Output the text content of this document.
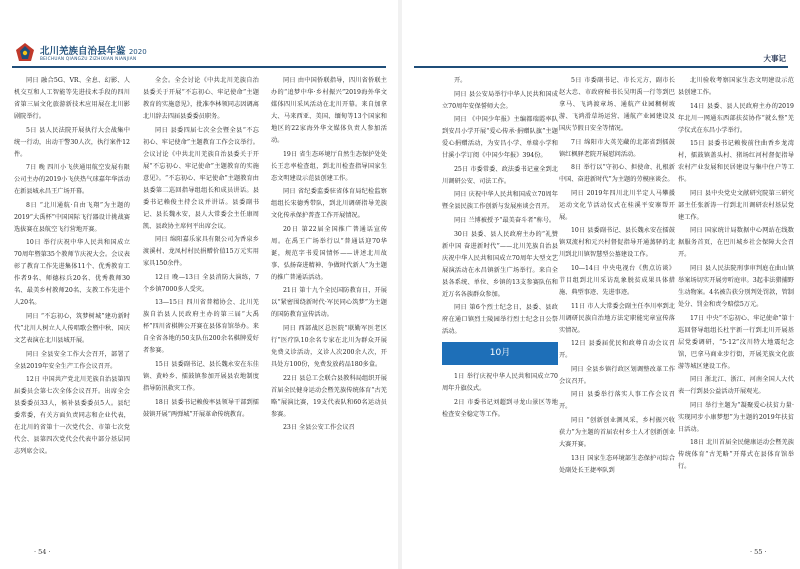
北川羌族自治县年鉴 2020
BEICHUAN QIANGZU ZIZHIXIAN NIANJIAN

同日 融合5G、VR、全息、幻影、人机交互和人工智能等先进技术手段的四川省第三届文化旅游新技术应用展在北川影剧院举行。

5日 县人民法院开展执行大会战集中统一行动，出动干警30人次，执行案件12件。

7日 晚 四川小飞侠通用航空发展有限公司主办的2019小飞侠热气球嘉年华活动在新县城永昌王广场开幕。

8日 “北川通航·自由飞翔”为主题的2019“大禹杯”中国国际飞行器设计挑战赛选拔赛在县航空飞行营地开赛。

10日 举行庆祝中华人民共和国成立70周年暨第35个教师节庆祝大会。会议表彰了教育工作先进集体11个、优秀教育工作者9名、师德标兵20名、优秀教师30名、最美乡村教师20名、支教工作先进个人20名。

同日 “不忘初心，筑梦树城”建功新时代”北川人树立人人传唱歌会暨中秋、国庆文艺表演在北川县城开展。

同日 全县安全工作大会召开，部署了全县2019年安全生产工作会议召开。

12日 中国共产党北川羌族自治县第四届委员会第七次全体会议召开。出席全会县委委员33人，候补县委委员5人。县纪委常委，有关方面负责同志和企业代表，在北川的省第十一次党代会、市第七次党代会、县第四次党代会代表中部分基层同志列席会议。

全会。全会讨论《中共北川羌族自治县委关于开展“不忘初心、牢记使命”主题教育的实施意见》，批准李林领同志因调离北川辞去四届县委委员职务。

同日 县委四届七次全会暨全县“不忘初心、牢记使命”主题教育工作会议举行。会议讨论《中共北川羌族自治县委关于开展“不忘初心、牢记使命”主题教育的实施意见》。“不忘初心、牢记使命”主题教育由县委第二巡回指导组组长和成员讲话。县委书记赖俊主持会议并讲话。县委副书记、县长魏永安，县人大常委会主任康周凯、县政协主席何平出席会议。

同日 绵阳嘉乐家具有限公司为香泉乡渡溪村、龙凤村村民捐赠价值15万元实用家具150余件。

12日 晚—13日 全县消防大演练，7个乡镇7000多人受灾。

13—15日 四川省普精协会、北川羌族自治县人民政府主办的第三届“大禹杯”四川省棋牌公开赛在县体育馆举办。来自全省各地的50支队伍200余名棋牌爱好者参赛。

15日 县委副书记、县长魏永安在东佳镇、黄岭乡、擂鼓镇参加开展县农地制度指导防汛救灾工作。

18日 县委书记赖俊率县领导干部到擂鼓镇开展“两弹城”开展革命传统教育。

同日 由中国侨联指导，四川省侨联主办的“追梦中华·乡村振兴”2019海外华文媒体四川采风活动在北川开幕。来自加拿大、马来西亚、美国、缅甸等13个国家和地区的22家海外华文媒体负责人参加活动。

19日 省生态环境厅自然生态保护处处长王忠率检查组，到北川检查指导国家生态文明建设示范县创建工作。

同日 省纪委监委驻省体育局纪检监察组组长宋德秀带队，到北川调研指导羌族文化传承保护普查工作开展情况。

20日 第22届全国推广普通话宣传周。在禹王广场举行以“普通话迎70华诞，规范字书爱国情怀——讲述北川故事、弘扬奋进精神、争做时代新人”为主题的推广普通话活动。

21日 第十九个全民国防教育日，开展以“紧密围绕新时代·军民同心筑梦”为主题的国防教育宣传活动。

同日 西部战区总医院“联勤军医老区行”医疗队10余名专家在北川为群众开展免费义诊活动，义诊人次200余人次，开具处方100份，免费发放药品180多盒。

22日 县总工会联合县教科局组织开展首届全民健身运动会暨羌族传统体育“古羌略”展演比赛，19支代表队和60名运动员参赛。

23日 全县公安工作会议召

· 54 ·
大事记

开。

同日 县公安局举行中华人民共和国成立70周年安保誓师大会。

同日 《中国少年报》主编都瑞霞率队到安昌小学开展“爱心传承·捐赠队旗”主题爱心捐赠活动，为安昌小学、单瑞小学和甘溪小学订阅《中国少年报》394份。

25日 市委常委、政法委书记童全到北川调研公安、司法工作。

同日 庆祝中华人民共和国成立70周年暨全县民族工作创新与发展座谈会召开。

同日 兰博被授予“最美奋斗者”称号。

30日 县委、县人民政府主办的“礼赞新中国 奋进新时代”——北川羌族自治县庆祝中华人民共和国成立70周年大型文艺展演活动在永昌镇新生广场举行。来自全县各系统、单位、乡镇的13支参赛队伍和近万名各族群众参加。

同日 第6个烈士纪念日，县委、县政府在通口镇烈士陵园举行烈士纪念日公祭活动。

10月

1日 举行庆祝中华人民共和国成立70周年升旗仪式。

2日 市委书记刘超到寻龙山景区等地检查安全稳定等工作。

5日 市委副书记、市长元方，副市长赵大忠、市政府秘书长吴明禹一行等到巴拿马、飞鸿渡章场、通航产业园稠树坡游、飞鸿滑草场运营、通航产业园建设及国庆节假日安全等情况。

7日 绵阳市大英芜藏的北部省到擂鼓镇红枫驿老院开展慰问活动。

8日 举行以“守初心、担使命、扎根新中国、奋进新时代”为主题的劳模座谈会。

同日 2019年四川北川半定人马攀援运动文化节活动仪式在桂溪平安寨帮开展。

10日 县委副书记、县长魏永安在擂鼓镇双流村和元兴村督促指导开通蒸驿的北川到北川镇智慧型公墓建设工作。

10—14日 中央电视台《焦点访谈》节目组到北川采访乱象脱贫成果具体措施、典型事迹、先进事迹。

11日 市人大常委会副主任李川率到北川调研民族自治地方法定职能宪章宣传落实情况。

12日 县委届优民和政尊自动会议召开。

同日 全县乡镇行政区划调整改革工作会议召开。

同日 县委举行落实人事工作会议召开。

同日 “创新创业测风采，乡村振兴收获力”为主题的首届农村乡土人才创新创业大赛开赛。

13日 国家生态环境部生态保护司综合处副处长王捷率队到

北川验收考察国家生态文明建设示范县创建工作。

14日 县委、县人民政府主办的2019年北川一网通东西部扶贫协作“就么整”羌学仪式在东昌小学举行。

15日 县委书记赖俊前往曲香乡龙湾村，擂鼓镇盖头村、猪场红河村督促指导农村产业发展和民居建设与集中住户等工作。

同日 县中央党史文献研究院第三研究部主任张新涛一行到北川调研农村基层党建工作。

同日 国家统计局数据中心网站在线数据服务首页，在巴川城乡社会保障大会召开。

同日 县人民法院刑事审判庭在曲山镇举案场切实开展旁听庭审。3起非法猎捕野生动物案。4名被告获分别判处罚款，管制处分、罚金和责令赔偿5万元。

17日 中央“不忘初心、牢记使命”第十巡回督导组组长杜宇新一行到北川开展基层党委调研，“5·12”汶川特大地震纪念馆，巴拿马商业步行街，开展羌族文化旅游等城区建设工作。

同日 浙北江、浙江、河南全国人大代表一行到县公益活动开展观光。

同日 举行主题为“凝聚爱心扶贫力量·实现同步小康梦想”为主题的2019年扶贫日活动。

18日 北川首届全民健康运动会暨羌族传统体育“古羌略”开幕式在县体育馆举行。

· 55 ·
